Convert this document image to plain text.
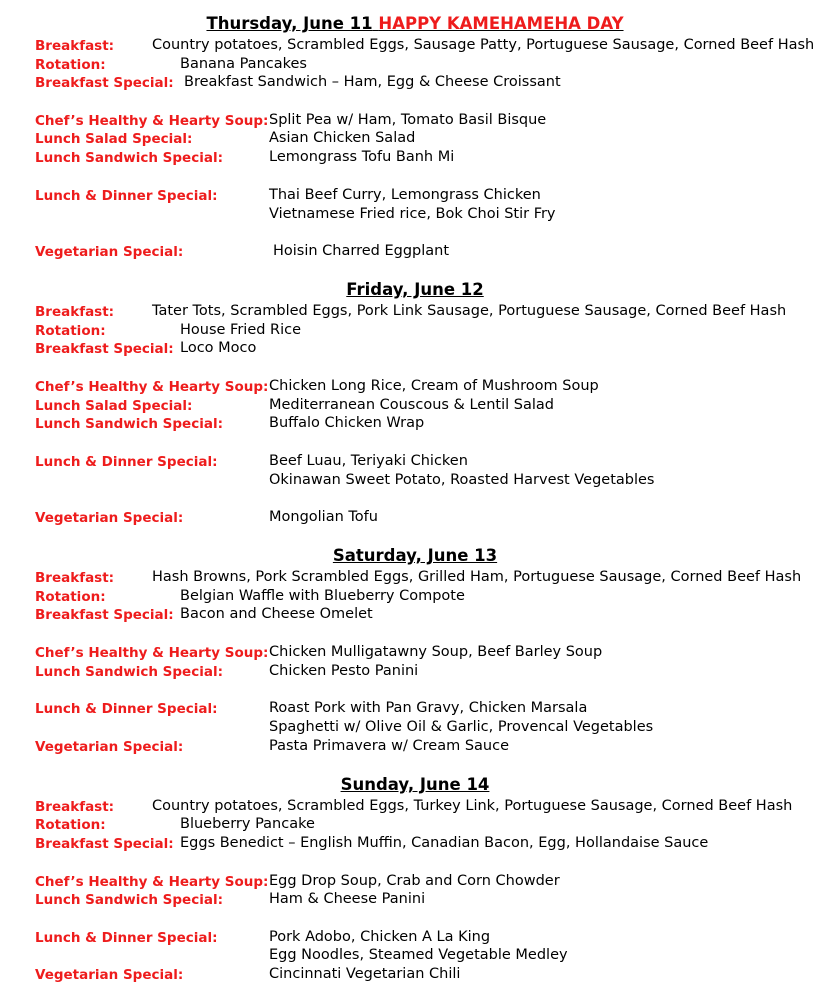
Thursday, June 11 HAPPY KAMEHAMEHA DAY
Breakfast:	Country potatoes, Scrambled Eggs, Sausage Patty, Portuguese Sausage, Corned Beef Hash
Rotation:	Banana Pancakes
Breakfast Special: Breakfast Sandwich – Ham, Egg & Cheese Croissant
Chef’s Healthy & Hearty Soup: Split Pea w/ Ham, Tomato Basil Bisque
Lunch Salad Special:	Asian Chicken Salad
Lunch Sandwich Special:	Lemongrass Tofu Banh Mi
Lunch & Dinner Special:	Thai Beef Curry, Lemongrass Chicken
Vietnamese Fried rice, Bok Choi Stir Fry
Vegetarian Special:	Hoisin Charred Eggplant
Friday, June 12
Breakfast:	Tater Tots, Scrambled Eggs, Pork Link Sausage, Portuguese Sausage, Corned Beef Hash
Rotation:	House Fried Rice
Breakfast Special: Loco Moco
Chef’s Healthy & Hearty Soup: Chicken Long Rice, Cream of Mushroom Soup
Lunch Salad Special:	Mediterranean Couscous & Lentil Salad
Lunch Sandwich Special:	Buffalo Chicken Wrap
Lunch & Dinner Special:	Beef Luau, Teriyaki Chicken
Okinawan Sweet Potato, Roasted Harvest Vegetables
Vegetarian Special:	Mongolian Tofu
Saturday, June 13
Breakfast:	Hash Browns, Pork Scrambled Eggs, Grilled Ham, Portuguese Sausage, Corned Beef Hash
Rotation:	Belgian Waffle with Blueberry Compote
Breakfast Special: Bacon and Cheese Omelet
Chef’s Healthy & Hearty Soup: Chicken Mulligatawny Soup, Beef Barley Soup
Lunch Sandwich Special:	Chicken Pesto Panini
Lunch & Dinner Special:	Roast Pork with Pan Gravy, Chicken Marsala
Spaghetti w/ Olive Oil & Garlic, Provencal Vegetables
Vegetarian Special:	Pasta Primavera w/ Cream Sauce
Sunday, June 14
Breakfast:	Country potatoes, Scrambled Eggs, Turkey Link, Portuguese Sausage, Corned Beef Hash
Rotation:	Blueberry Pancake
Breakfast Special: Eggs Benedict – English Muffin, Canadian Bacon, Egg, Hollandaise Sauce
Chef’s Healthy & Hearty Soup: Egg Drop Soup, Crab and Corn Chowder
Lunch Sandwich Special:	Ham & Cheese Panini
Lunch & Dinner Special:	Pork Adobo, Chicken A La King
Egg Noodles, Steamed Vegetable Medley
Vegetarian Special:	Cincinnati Vegetarian Chili
